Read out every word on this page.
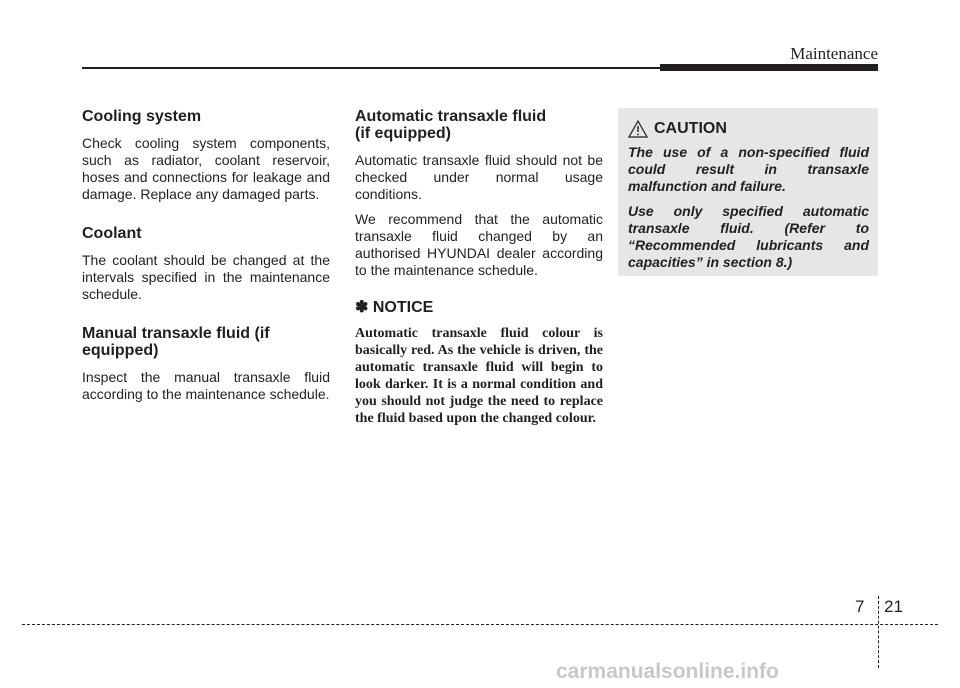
Maintenance
Cooling system

Check cooling system components, such as radiator, coolant reservoir, hoses and connections for leakage and damage. Replace any damaged parts.

Coolant

The coolant should be changed at the intervals specified in the maintenance schedule.

Manual transaxle fluid (if equipped)

Inspect the manual transaxle fluid according to the maintenance schedule.

Automatic transaxle fluid (if equipped)

Automatic transaxle fluid should not be checked under normal usage conditions.

We recommend that the automatic transaxle fluid changed by an authorised HYUNDAI dealer according to the maintenance schedule.

✽ NOTICE

Automatic transaxle fluid colour is basically red. As the vehicle is driven, the automatic transaxle fluid will begin to look darker. It is a normal condition and you should not judge the need to replace the fluid based upon the changed colour.

CAUTION

The use of a non-specified fluid could result in transaxle malfunction and failure.

Use only specified automatic transaxle fluid. (Refer to “Recommended lubricants and capacities” in section 8.)

7 21
carmanualsonline.info
